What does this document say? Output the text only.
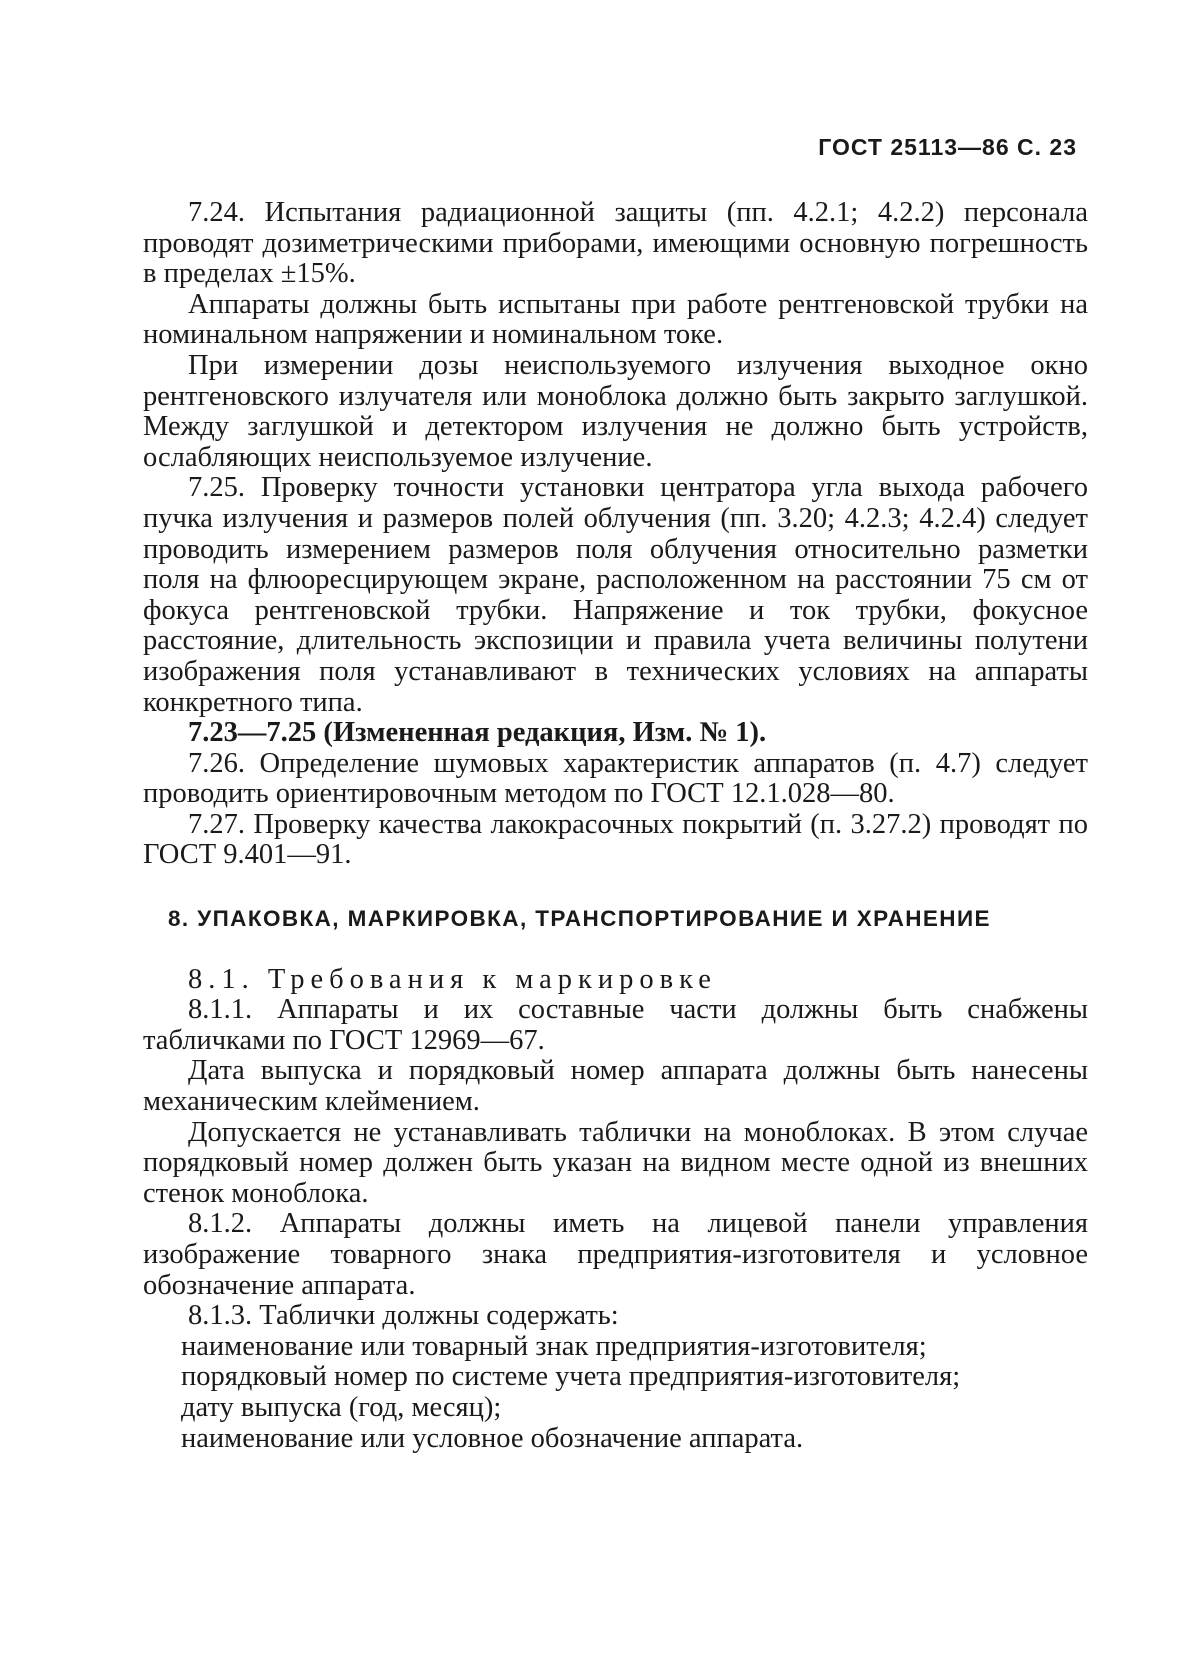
ГОСТ 25113—86 С. 23

7.24. Испытания радиационной защиты (пп. 4.2.1; 4.2.2) персонала проводят дозиметрическими приборами, имеющими основную погрешность в пределах ±15%.

Аппараты должны быть испытаны при работе рентгеновской трубки на номинальном напряжении и номинальном токе.

При измерении дозы неиспользуемого излучения выходное окно рентгеновского излучателя или моноблока должно быть закрыто заглушкой. Между заглушкой и детектором излучения не должно быть устройств, ослабляющих неиспользуемое излучение.

7.25. Проверку точности установки центратора угла выхода рабочего пучка излучения и размеров полей облучения (пп. 3.20; 4.2.3; 4.2.4) следует проводить измерением размеров поля облучения относительно разметки поля на флюоресцирующем экране, расположенном на расстоянии 75 см от фокуса рентгеновской трубки. Напряжение и ток трубки, фокусное расстояние, длительность экспозиции и правила учета величины полутени изображения поля устанавливают в технических условиях на аппараты конкретного типа.

7.23—7.25 (Измененная редакция, Изм. № 1).

7.26. Определение шумовых характеристик аппаратов (п. 4.7) следует проводить ориентировочным методом по ГОСТ 12.1.028—80.

7.27. Проверку качества лакокрасочных покрытий (п. 3.27.2) проводят по ГОСТ 9.401—91.

8. УПАКОВКА, МАРКИРОВКА, ТРАНСПОРТИРОВАНИЕ И ХРАНЕНИЕ

8.1. Требования к маркировке

8.1.1. Аппараты и их составные части должны быть снабжены табличками по ГОСТ 12969—67.

Дата выпуска и порядковый номер аппарата должны быть нанесены механическим клеймением.

Допускается не устанавливать таблички на моноблоках. В этом случае порядковый номер должен быть указан на видном месте одной из внешних стенок моноблока.

8.1.2. Аппараты должны иметь на лицевой панели управления изображение товарного знака предприятия-изготовителя и условное обозначение аппарата.

8.1.3. Таблички должны содержать:

наименование или товарный знак предприятия-изготовителя;

порядковый номер по системе учета предприятия-изготовителя;

дату выпуска (год, месяц);

наименование или условное обозначение аппарата.
